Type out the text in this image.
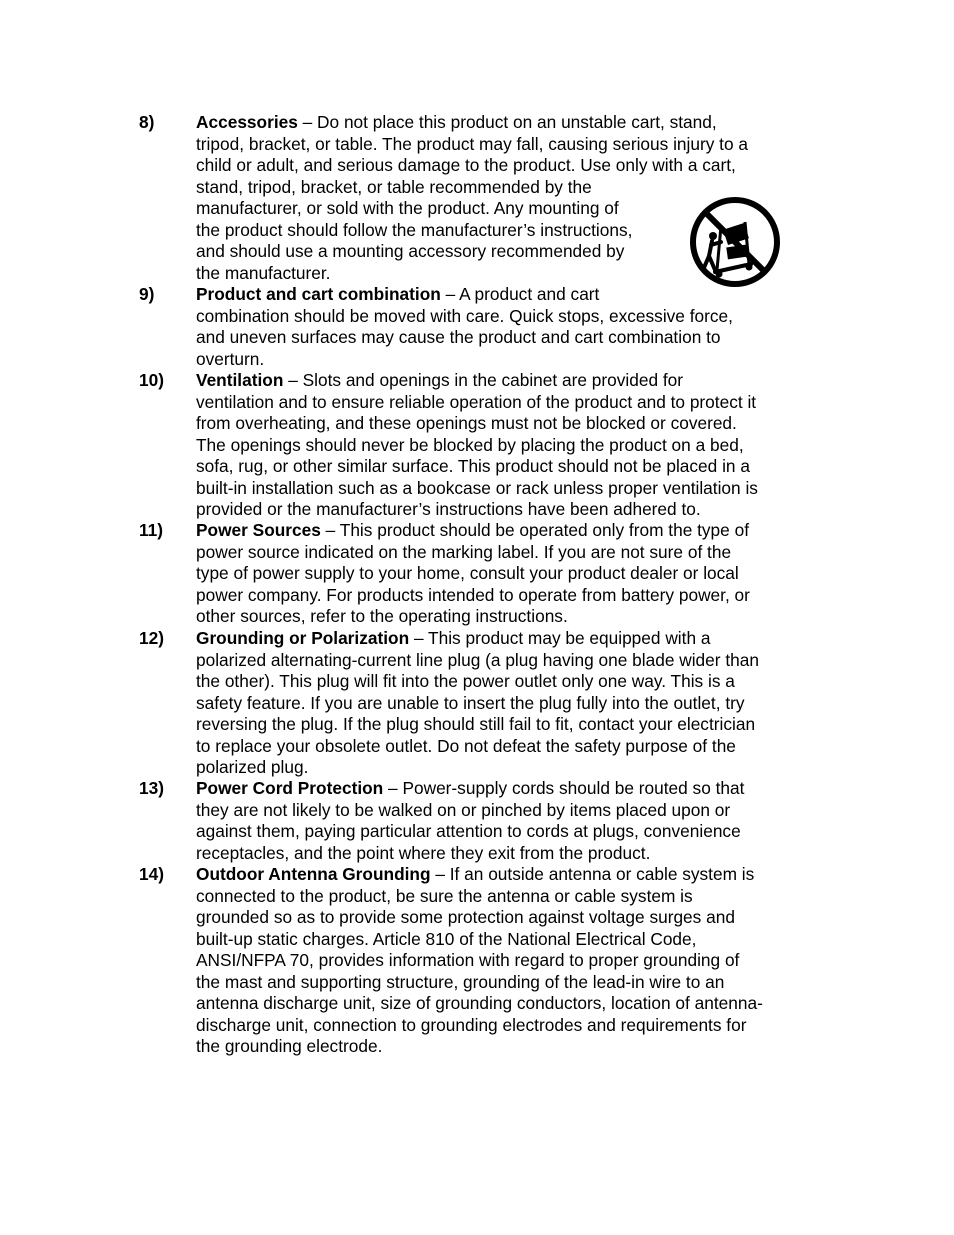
8)	Accessories – Do not place this product on an unstable cart, stand,
tripod, bracket, or table. The product may fall, causing serious injury to a
child or adult, and serious damage to the product. Use only with a cart,
stand, tripod, bracket, or table recommended by the
manufacturer, or sold with the product. Any mounting of
the product should follow the manufacturer’s instructions,
and should use a mounting accessory recommended by
the manufacturer.
9)	Product and cart combination – A product and cart
combination should be moved with care. Quick stops, excessive force,
and uneven surfaces may cause the product and cart combination to
overturn.
10)	Ventilation – Slots and openings in the cabinet are provided for
ventilation and to ensure reliable operation of the product and to protect it
from overheating, and these openings must not be blocked or covered.
The openings should never be blocked by placing the product on a bed,
sofa, rug, or other similar surface. This product should not be placed in a
built-in installation such as a bookcase or rack unless proper ventilation is
provided or the manufacturer’s instructions have been adhered to.
11)	Power Sources – This product should be operated only from the type of
power source indicated on the marking label. If you are not sure of the
type of power supply to your home, consult your product dealer or local
power company. For products intended to operate from battery power, or
other sources, refer to the operating instructions.
12)	Grounding or Polarization – This product may be equipped with a
polarized alternating-current line plug (a plug having one blade wider than
the other). This plug will fit into the power outlet only one way. This is a
safety feature. If you are unable to insert the plug fully into the outlet, try
reversing the plug. If the plug should still fail to fit, contact your electrician
to replace your obsolete outlet. Do not defeat the safety purpose of the
polarized plug.
13)	Power Cord Protection – Power-supply cords should be routed so that
they are not likely to be walked on or pinched by items placed upon or
against them, paying particular attention to cords at plugs, convenience
receptacles, and the point where they exit from the product.
14)	Outdoor Antenna Grounding – If an outside antenna or cable system is
connected to the product, be sure the antenna or cable system is
grounded so as to provide some protection against voltage surges and
built-up static charges. Article 810 of the National Electrical Code,
ANSI/NFPA 70, provides information with regard to proper grounding of
the mast and supporting structure, grounding of the lead-in wire to an
antenna discharge unit, size of grounding conductors, location of antenna-
discharge unit, connection to grounding electrodes and requirements for
the grounding electrode.
